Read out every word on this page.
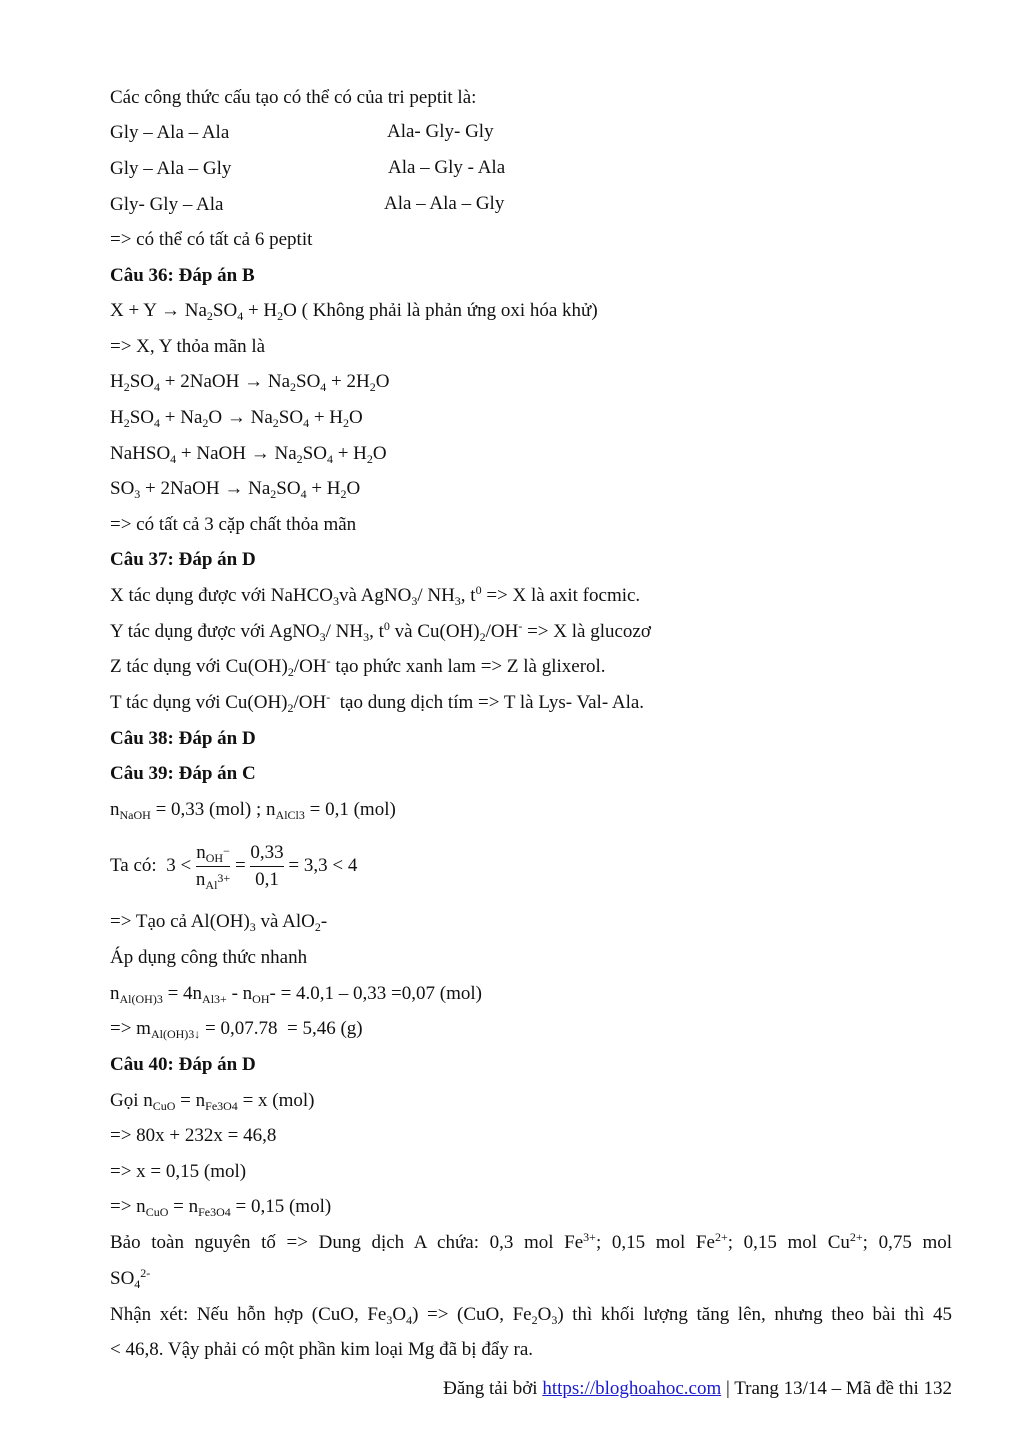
Các công thức cấu tạo có thể có của tri peptit là:
Gly – Ala – Ala	Ala- Gly- Gly
Gly – Ala – Gly	Ala – Gly - Ala
Gly- Gly – Ala	Ala – Ala – Gly
=> có thể có tất cả 6 peptit
Câu 36: Đáp án B
$X + Y \to Na_2SO_4 + H_2O$ ( Không phải là phản ứng oxi hóa khử)
=> X, Y thỏa mãn là
$H_2SO_4$ + 2NaOH → $Na_2SO_4 + 2H_2O$
$H_2SO_4 + Na_2O \to Na_2SO_4 + H_2O$
NaHSO$_4$ + NaOH → $Na_2SO_4 + H_2O$
$SO_3$ + 2NaOH → $Na_2SO_4 + H_2O$
=> có tất cả 3 cặp chất thỏa mãn
Câu 37: Đáp án D
X tác dụng được với NaHCO$_3$và AgNO$_3$/ $NH_3$, $t^0 => X$ là axit focmic.
Y tác dụng được với AgNO$_3$/ $NH_3$, $t^0$ và $Cu(OH)_2/OH^- => X$ là glucozơ
Z tác dụng với $Cu(OH)_2/OH^-$ tạo phức xanh lam => Z là glixerol.
T tác dụng với $Cu(OH)_2/OH^-$ tạo dung dịch tím => T là Lys- Val- Ala.
Câu 38: Đáp án D
Câu 39: Đáp án C
$n_{NaOH} = 0,33$ (mol) ; $n_{AlCl3} = 0,1$ (mol)
Ta có:  $3 < \frac{n_{OH^-}}{n_{Al^{3+}}} = \frac{0,33}{0,1} = 3,3 < 4$
=> Tạo cả $Al(OH)_3$ và AlO$_2$-
Áp dụng công thức nhanh
$n_{Al(OH)3} = 4n_{Al3+} - n_{OH}- = 4.0,1 - 0,33 =0,07$ (mol)
=> $m_{Al(OH)3↓} = 0,07.78 = 5,46$ (g)
Câu 40: Đáp án D
Gọi $n_{CuO} = n_{Fe3O4} = x$ (mol)
=> 80x + 232x = 46,8
=> x = 0,15 (mol)
=> $n_{CuO} = n_{Fe3O4} = 0,15$ (mol)
Bảo toàn nguyên tố => Dung dịch A chứa: 0,3 mol $Fe^{3+}$; 0,15 mol $Fe^{2+}$; 0,15 mol $Cu^{2+}$; 0,75 mol
$SO_4^{2-}$
Nhận xét: Nếu hỗn hợp (CuO, $Fe_3O_4) => (CuO$, $Fe_2O_3$) thì khối lượng tăng lên, nhưng theo bài thì 45
< 46,8. Vậy phải có một phần kim loại Mg đã bị đẩy ra.
Đăng tải bởi https://bloghoahoc.com | Trang 13/14 – Mã đề thi 132
